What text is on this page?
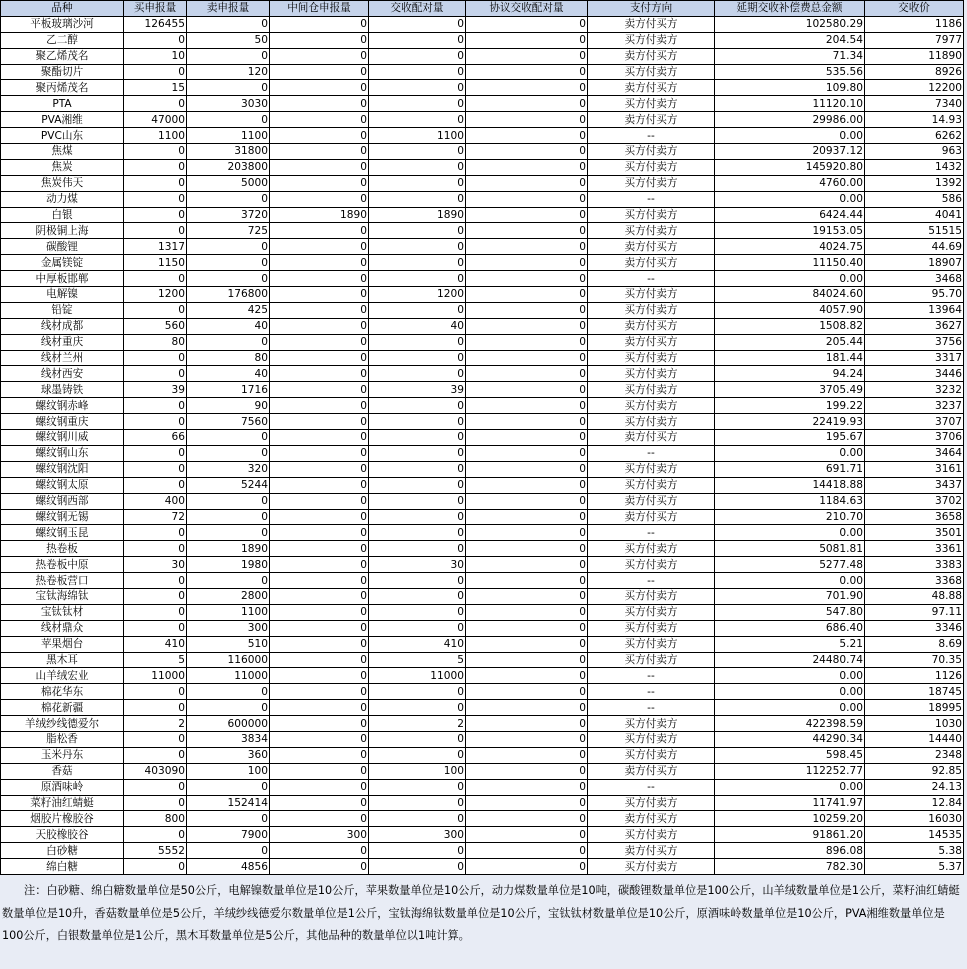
品种	买申报量	卖申报量	中间仓申报量	交收配对量	协议交收配对量	支付方向	延期交收补偿费总金额	交收价
平板玻璃沙河	126455	0	0	0	0	卖方付买方	102580.29	1186
乙二醇	0	50	0	0	0	买方付卖方	204.54	7977
聚乙烯茂名	10	0	0	0	0	卖方付买方	71.34	11890
聚酯切片	0	120	0	0	0	买方付卖方	535.56	8926
聚丙烯茂名	15	0	0	0	0	卖方付买方	109.80	12200
PTA	0	3030	0	0	0	买方付卖方	11120.10	7340
PVA湘维	47000	0	0	0	0	卖方付买方	29986.00	14.93
PVC山东	1100	1100	0	1100	0	--	0.00	6262
焦煤	0	31800	0	0	0	买方付卖方	20937.12	963
焦炭	0	203800	0	0	0	买方付卖方	145920.80	1432
焦炭伟天	0	5000	0	0	0	买方付卖方	4760.00	1392
动力煤	0	0	0	0	0	--	0.00	586
白银	0	3720	1890	1890	0	买方付卖方	6424.44	4041
阴极铜上海	0	725	0	0	0	买方付卖方	19153.05	51515
碳酸锂	1317	0	0	0	0	卖方付买方	4024.75	44.69
金属镁锭	1150	0	0	0	0	卖方付买方	11150.40	18907
中厚板邯郸	0	0	0	0	0	--	0.00	3468
电解镍	1200	176800	0	1200	0	买方付卖方	84024.60	95.70
铅锭	0	425	0	0	0	买方付卖方	4057.90	13964
线材成都	560	40	0	40	0	卖方付买方	1508.82	3627
线材重庆	80	0	0	0	0	卖方付买方	205.44	3756
线材兰州	0	80	0	0	0	买方付卖方	181.44	3317
线材西安	0	40	0	0	0	买方付卖方	94.24	3446
球墨铸铁	39	1716	0	39	0	买方付卖方	3705.49	3232
螺纹钢赤峰	0	90	0	0	0	买方付卖方	199.22	3237
螺纹钢重庆	0	7560	0	0	0	买方付卖方	22419.93	3707
螺纹钢川威	66	0	0	0	0	卖方付买方	195.67	3706
螺纹钢山东	0	0	0	0	0	--	0.00	3464
螺纹钢沈阳	0	320	0	0	0	买方付卖方	691.71	3161
螺纹钢太原	0	5244	0	0	0	买方付卖方	14418.88	3437
螺纹钢西部	400	0	0	0	0	卖方付买方	1184.63	3702
螺纹钢无锡	72	0	0	0	0	卖方付买方	210.70	3658
螺纹钢玉昆	0	0	0	0	0	--	0.00	3501
热卷板	0	1890	0	0	0	买方付卖方	5081.81	3361
热卷板中原	30	1980	0	30	0	买方付卖方	5277.48	3383
热卷板营口	0	0	0	0	0	--	0.00	3368
宝钛海绵钛	0	2800	0	0	0	买方付卖方	701.90	48.88
宝钛钛材	0	1100	0	0	0	买方付卖方	547.80	97.11
线材鼎众	0	300	0	0	0	买方付卖方	686.40	3346
苹果烟台	410	510	0	410	0	买方付卖方	5.21	8.69
黑木耳	5	116000	0	5	0	买方付卖方	24480.74	70.35
山羊绒宏业	11000	11000	0	11000	0	--	0.00	1126
棉花华东	0	0	0	0	0	--	0.00	18745
棉花新疆	0	0	0	0	0	--	0.00	18995
羊绒纱线德爱尔	2	600000	0	2	0	买方付卖方	422398.59	1030
脂松香	0	3834	0	0	0	买方付卖方	44290.34	14440
玉米丹东	0	360	0	0	0	买方付卖方	598.45	2348
香菇	403090	100	0	100	0	卖方付买方	112252.77	92.85
原酒味岭	0	0	0	0	0	--	0.00	24.13
菜籽油红蜻蜓	0	152414	0	0	0	买方付卖方	11741.97	12.84
烟胶片橡胶谷	800	0	0	0	0	卖方付买方	10259.20	16030
天胶橡胶谷	0	7900	300	300	0	买方付卖方	91861.20	14535
白砂糖	5552	0	0	0	0	卖方付买方	896.08	5.38
绵白糖	0	4856	0	0	0	买方付卖方	782.30	5.37
注：白砂糖、绵白糖数量单位是50公斤，电解镍数量单位是10公斤，苹果数量单位是10公斤，动力煤数量单位是10吨，碳酸锂数量单位是100公斤，山羊绒数量单位是1公斤，菜籽油红蜻蜓数量单位是10升，香菇数量单位是5公斤，羊绒纱线德爱尔数量单位是1公斤，宝钛海绵钛数量单位是10公斤，宝钛钛材数量单位是10公斤，原酒味岭数量单位是10公斤，PVA湘维数量单位是100公斤，白银数量单位是1公斤，黑木耳数量单位是5公斤，其他品种的数量单位以1吨计算。
